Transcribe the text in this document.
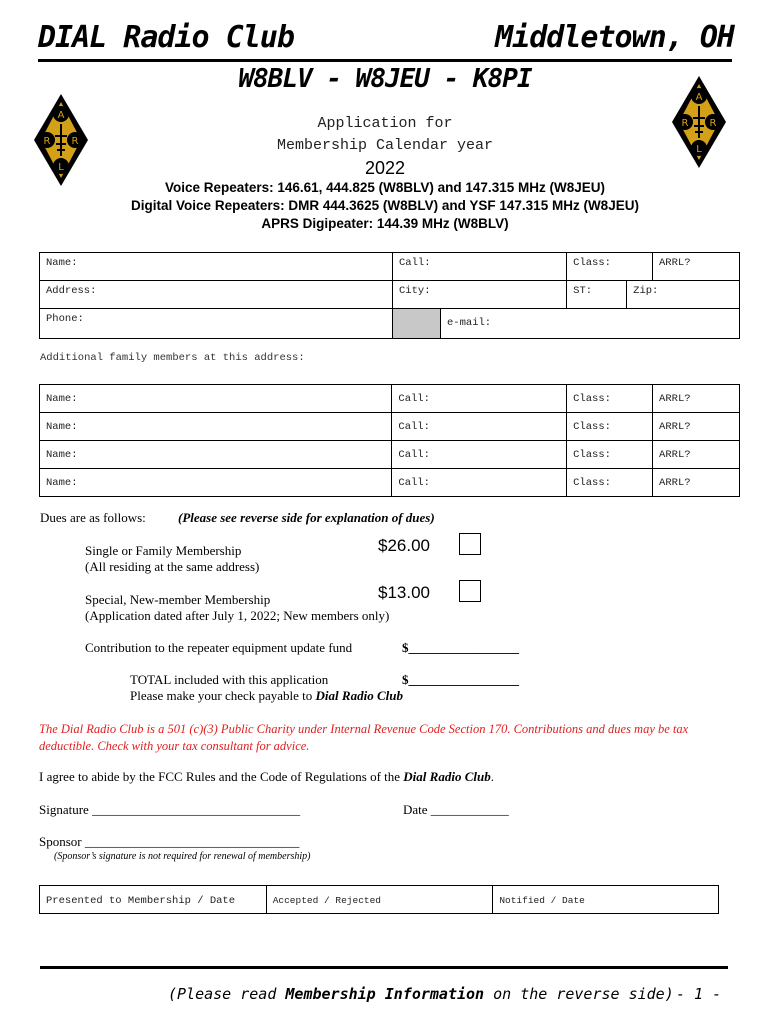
DIAL Radio Club	Middletown, OH
W8BLV - W8JEU - K8PI
A
R R
L
A
R R
L
Application for
Membership Calendar year
2022
Voice Repeaters: 146.61, 444.825 (W8BLV) and 147.315 MHz (W8JEU)
Digital Voice Repeaters: DMR 444.3625 (W8BLV) and YSF 147.315 MHz (W8JEU)
APRS Digipeater: 144.39 MHz (W8BLV)
Name:	Call:		Class:		ARRL?
Address:	City:		ST:	Zip:	
Phone:		e-mail:			
Additional family members at this address:
Name:	Call:	Class:	ARRL?
Name:	Call:	Class:	ARRL?
Name:	Call:	Class:	ARRL?
Name:	Call:	Class:	ARRL?
Dues are as follows: (Please see reverse side for explanation of dues)
Single or Family Membership
(All residing at the same address)
$26.00
$13.00
Special, New-member Membership
(Application dated after July 1, 2022; New members only)
Contribution to the repeater equipment update fund	$_________________
TOTAL included with this application	$_________________
Please make your check payable to Dial Radio Club
The Dial Radio Club is a 501 (c)(3) Public Charity under Internal Revenue Code Section 170. Contributions and dues may be tax deductible. Check with your tax consultant for advice.
I agree to abide by the FCC Rules and the Code of Regulations of the Dial Radio Club.
Signature ________________________________	Date ____________
Sponsor _________________________________
(Sponsor’s signature is not required for renewal of membership)
Presented to Membership / Date	Accepted / Rejected	Notified / Date
(Please read Membership Information on the reverse side) - 1 -
